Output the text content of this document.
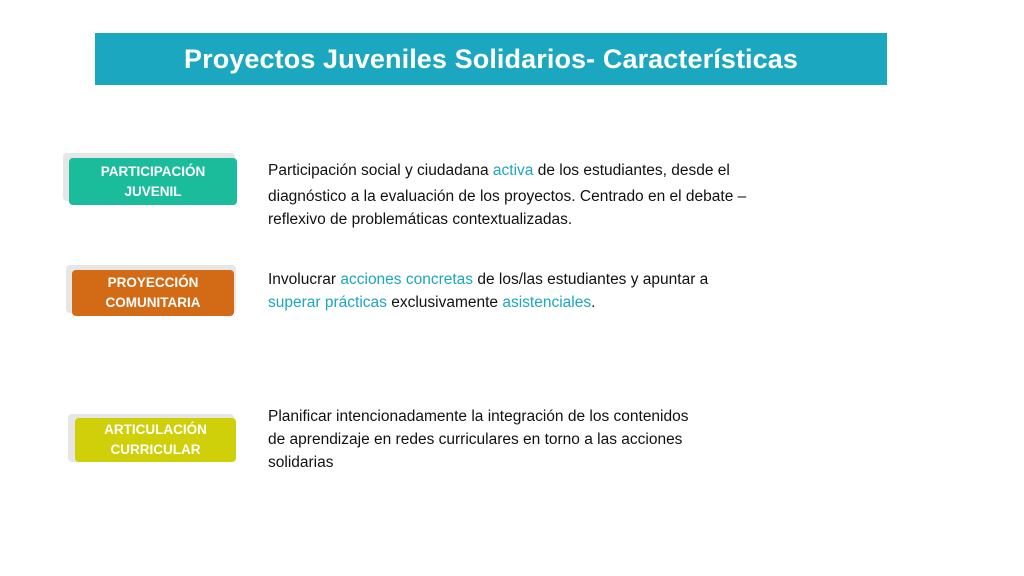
Proyectos Juveniles Solidarios- Características
PARTICIPACIÓN
JUVENIL
Participación social y ciudadana activa de los estudiantes, desde el
diagnóstico a la evaluación de los proyectos. Centrado en el debate –
reflexivo de problemáticas contextualizadas.
PROYECCIÓN
COMUNITARIA
Involucrar acciones concretas de los/las estudiantes y apuntar a
superar prácticas exclusivamente asistenciales.
ARTICULACIÓN
CURRICULAR
Planificar intencionadamente la integración de los contenidos
de aprendizaje en redes curriculares en torno a las acciones
solidarias
